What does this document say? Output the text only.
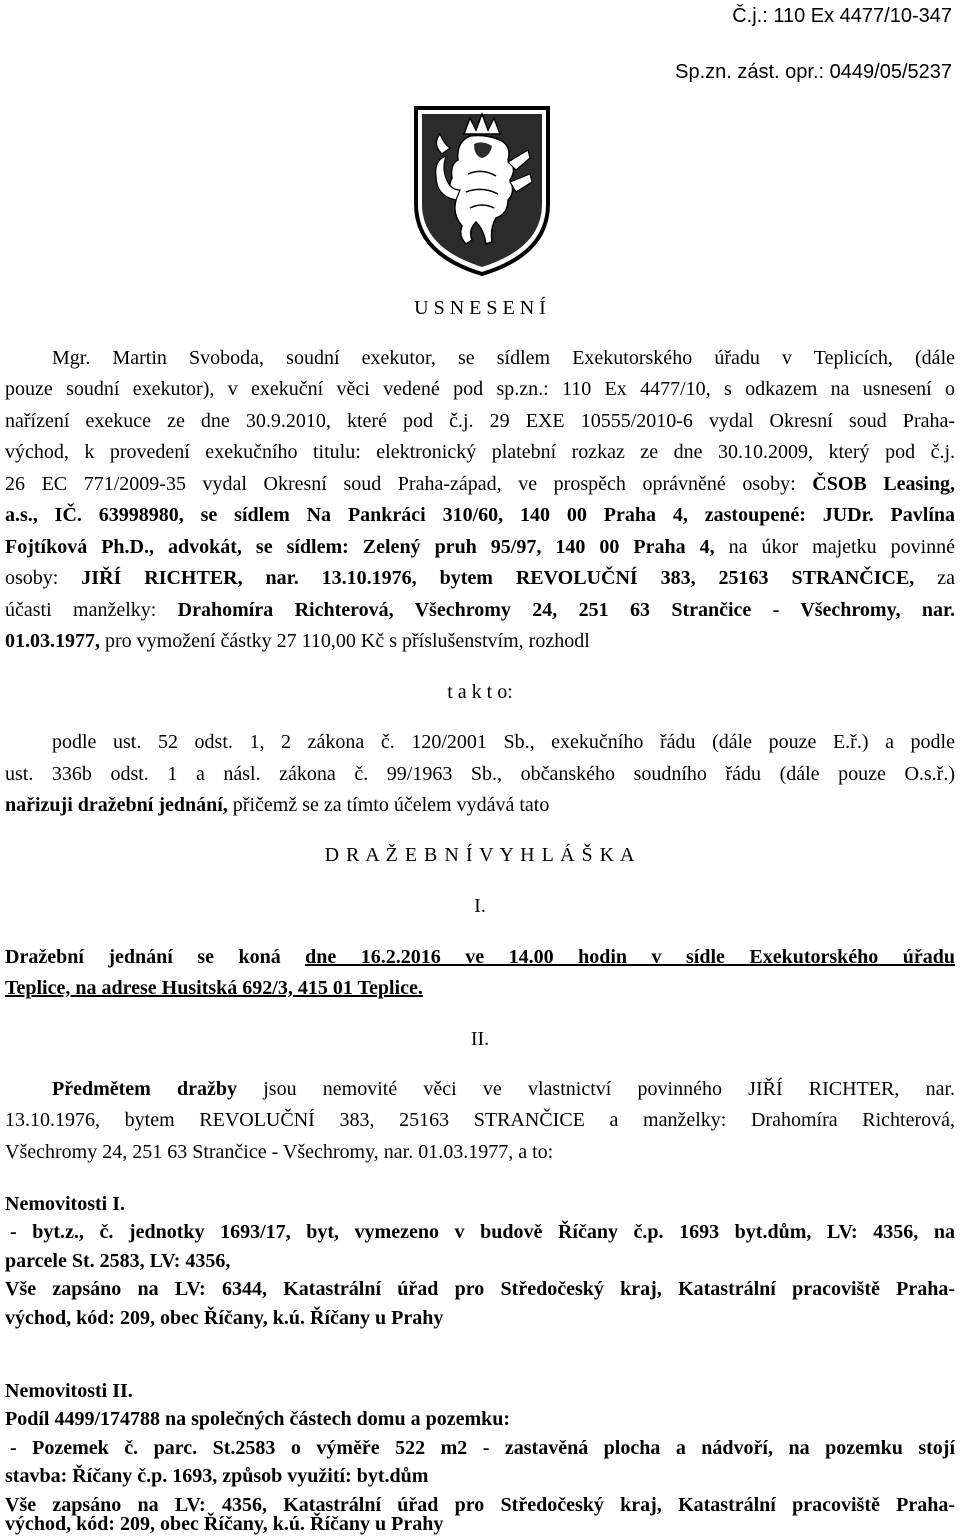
Č.j.: 110 Ex 4477/10-347
Sp.zn. zást. opr.: 0449/05/5237
U S N E S E N Í
Mgr. Martin Svoboda, soudní exekutor, se sídlem Exekutorského úřadu v Teplicích, (dále
pouze soudní exekutor), v exekuční věci vedené pod sp.zn.: 110 Ex 4477/10, s odkazem na usnesení o
nařízení exekuce ze dne 30.9.2010, které pod č.j. 29 EXE 10555/2010-6 vydal Okresní soud Praha-
východ, k provedení exekučního titulu: elektronický platební rozkaz ze dne 30.10.2009, který pod č.j.
26 EC 771/2009-35 vydal Okresní soud Praha-západ, ve prospěch oprávněné osoby: ČSOB Leasing,
a.s., IČ. 63998980, se sídlem Na Pankráci 310/60, 140 00 Praha 4, zastoupené: JUDr. Pavlína
Fojtíková Ph.D., advokát, se sídlem: Zelený pruh 95/97, 140 00 Praha 4, na úkor majetku povinné
osoby: JIŘÍ RICHTER, nar. 13.10.1976, bytem REVOLUČNÍ 383, 25163 STRANČICE, za
účasti manželky: Drahomíra Richterová, Všechromy 24, 251 63 Strančice - Všechromy, nar.
01.03.1977, pro vymožení částky 27 110,00 Kč s příslušenstvím, rozhodl
t a k t o:
podle ust. 52 odst. 1, 2 zákona č. 120/2001 Sb., exekučního řádu (dále pouze E.ř.) a podle
ust. 336b odst. 1 a násl. zákona č. 99/1963 Sb., občanského soudního řádu (dále pouze O.s.ř.)
nařizuji dražební jednání, přičemž se za tímto účelem vydává tato
D R A Ž E B N Í V Y H L Á Š K A
I.
Dražební jednání se koná dne 16.2.2016 ve 14.00 hodin v sídle Exekutorského úřadu
Teplice, na adrese Husitská 692/3, 415 01 Teplice.
II.
Předmětem dražby jsou nemovité věci ve vlastnictví povinného JIŘÍ RICHTER, nar.
13.10.1976, bytem REVOLUČNÍ 383, 25163 STRANČICE a manželky: Drahomíra Richterová,
Všechromy 24, 251 63 Strančice - Všechromy, nar. 01.03.1977, a to:
Nemovitosti I.
- byt.z., č. jednotky 1693/17, byt, vymezeno v budově Říčany č.p. 1693 byt.dům, LV: 4356, na
parcele St. 2583, LV: 4356,
Vše zapsáno na LV: 6344, Katastrální úřad pro Středočeský kraj, Katastrální pracoviště Praha-
východ, kód: 209, obec Říčany, k.ú. Říčany u Prahy
Nemovitosti II.
Podíl 4499/174788 na společných částech domu a pozemku:
- Pozemek č. parc. St.2583 o výměře 522 m2 - zastavěná plocha a nádvoří, na pozemku stojí
stavba: Říčany č.p. 1693, způsob využití: byt.dům
Vše zapsáno na LV: 4356, Katastrální úřad pro Středočeský kraj, Katastrální pracoviště Praha-
východ, kód: 209, obec Říčany, k.ú. Říčany u Prahy
